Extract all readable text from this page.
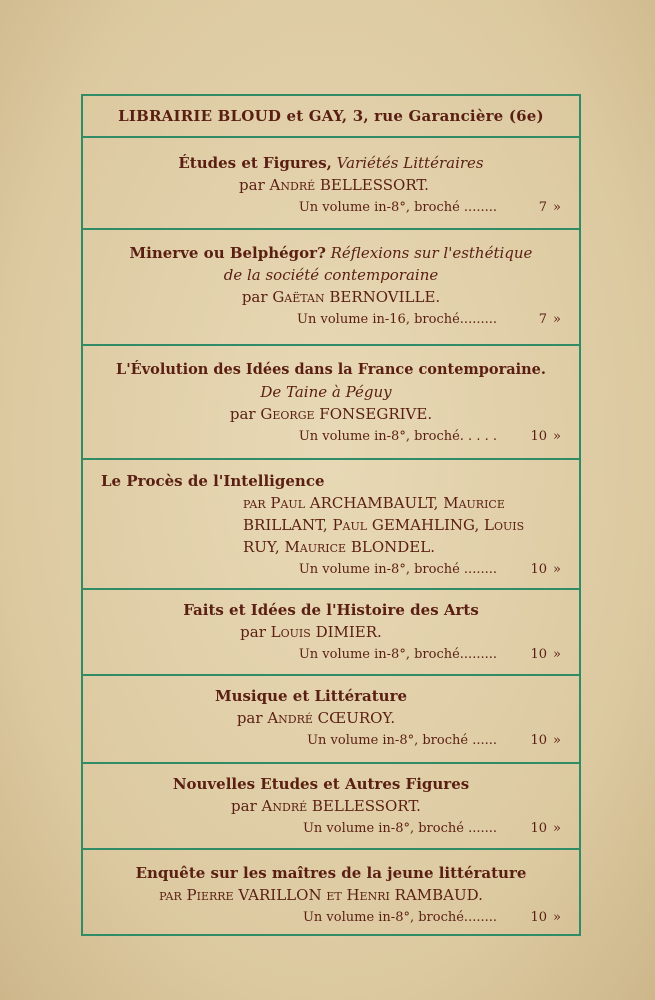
LIBRAIRIE BLOUD et GAY, 3, rue Garancière (6e)
Études et Figures, Variétés Littéraires
par André BELLESSORT.
Un volume in-8°, broché ........	7 »
Minerve ou Belphégor? Réflexions sur l'esthétique
de la société contemporaine
par Gaëtan BERNOVILLE.
Un volume in-16, broché.........	7 »
L'Évolution des Idées dans la France contemporaine.
De Taine à Péguy
par George FONSEGRIVE.
Un volume in-8°, broché. . . . .	10 »
Le Procès de l'Intelligence
par Paul ARCHAMBAULT, Maurice
BRILLANT, Paul GEMAHLING, Louis
RUY, Maurice BLONDEL.
Un volume in-8°, broché ........	10 »
Faits et Idées de l'Histoire des Arts
par Louis DIMIER.
Un volume in-8°, broché.........	10 »
Musique et Littérature
par André CŒUROY.
Un volume in-8°, broché ......	10 »
Nouvelles Etudes et Autres Figures
par André BELLESSORT.
Un volume in-8°, broché .......	10 »
Enquête sur les maîtres de la jeune littérature
par Pierre VARILLON et Henri RAMBAUD.
Un volume in-8°, broché........	10 »
